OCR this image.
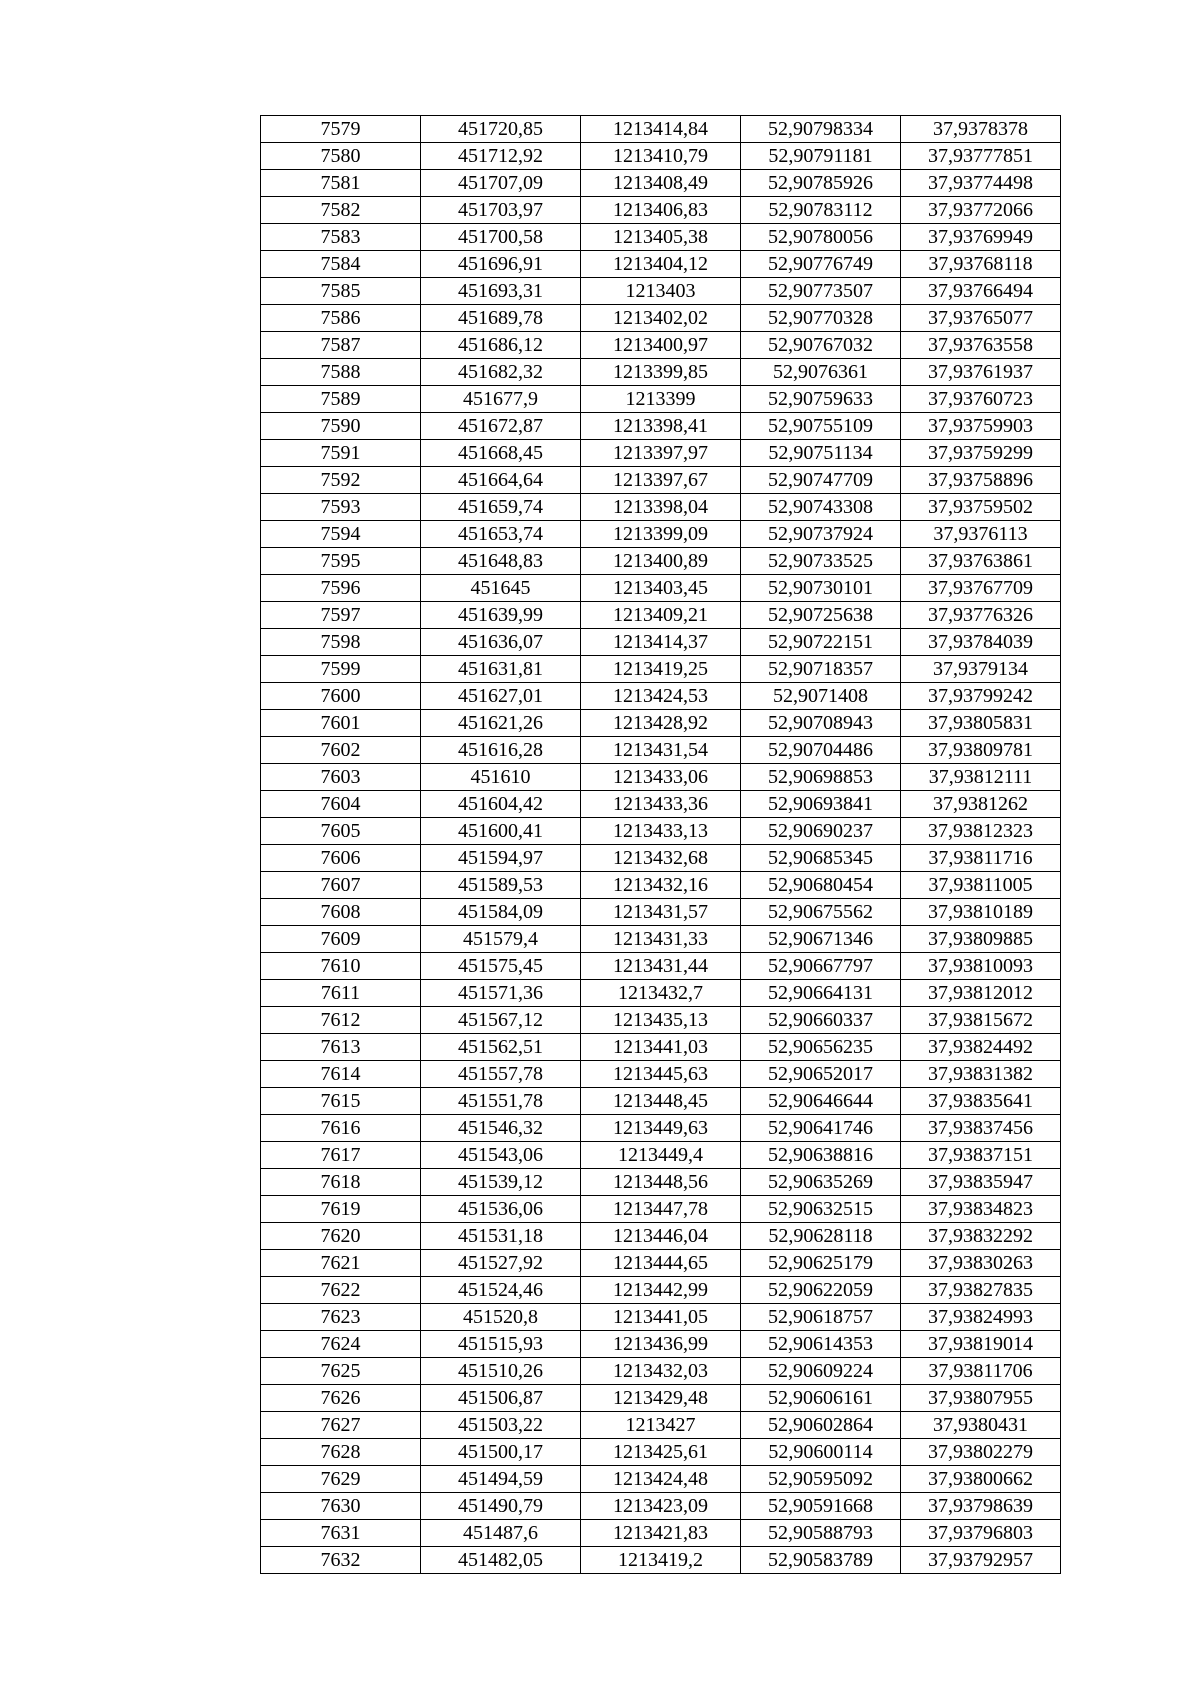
7579	451720,85	1213414,84	52,90798334	37,9378378
7580	451712,92	1213410,79	52,90791181	37,93777851
7581	451707,09	1213408,49	52,90785926	37,93774498
7582	451703,97	1213406,83	52,90783112	37,93772066
7583	451700,58	1213405,38	52,90780056	37,93769949
7584	451696,91	1213404,12	52,90776749	37,93768118
7585	451693,31	1213403	52,90773507	37,93766494
7586	451689,78	1213402,02	52,90770328	37,93765077
7587	451686,12	1213400,97	52,90767032	37,93763558
7588	451682,32	1213399,85	52,9076361	37,93761937
7589	451677,9	1213399	52,90759633	37,93760723
7590	451672,87	1213398,41	52,90755109	37,93759903
7591	451668,45	1213397,97	52,90751134	37,93759299
7592	451664,64	1213397,67	52,90747709	37,93758896
7593	451659,74	1213398,04	52,90743308	37,93759502
7594	451653,74	1213399,09	52,90737924	37,9376113
7595	451648,83	1213400,89	52,90733525	37,93763861
7596	451645	1213403,45	52,90730101	37,93767709
7597	451639,99	1213409,21	52,90725638	37,93776326
7598	451636,07	1213414,37	52,90722151	37,93784039
7599	451631,81	1213419,25	52,90718357	37,9379134
7600	451627,01	1213424,53	52,9071408	37,93799242
7601	451621,26	1213428,92	52,90708943	37,93805831
7602	451616,28	1213431,54	52,90704486	37,93809781
7603	451610	1213433,06	52,90698853	37,93812111
7604	451604,42	1213433,36	52,90693841	37,9381262
7605	451600,41	1213433,13	52,90690237	37,93812323
7606	451594,97	1213432,68	52,90685345	37,93811716
7607	451589,53	1213432,16	52,90680454	37,93811005
7608	451584,09	1213431,57	52,90675562	37,93810189
7609	451579,4	1213431,33	52,90671346	37,93809885
7610	451575,45	1213431,44	52,90667797	37,93810093
7611	451571,36	1213432,7	52,90664131	37,93812012
7612	451567,12	1213435,13	52,90660337	37,93815672
7613	451562,51	1213441,03	52,90656235	37,93824492
7614	451557,78	1213445,63	52,90652017	37,93831382
7615	451551,78	1213448,45	52,90646644	37,93835641
7616	451546,32	1213449,63	52,90641746	37,93837456
7617	451543,06	1213449,4	52,90638816	37,93837151
7618	451539,12	1213448,56	52,90635269	37,93835947
7619	451536,06	1213447,78	52,90632515	37,93834823
7620	451531,18	1213446,04	52,90628118	37,93832292
7621	451527,92	1213444,65	52,90625179	37,93830263
7622	451524,46	1213442,99	52,90622059	37,93827835
7623	451520,8	1213441,05	52,90618757	37,93824993
7624	451515,93	1213436,99	52,90614353	37,93819014
7625	451510,26	1213432,03	52,90609224	37,93811706
7626	451506,87	1213429,48	52,90606161	37,93807955
7627	451503,22	1213427	52,90602864	37,9380431
7628	451500,17	1213425,61	52,90600114	37,93802279
7629	451494,59	1213424,48	52,90595092	37,93800662
7630	451490,79	1213423,09	52,90591668	37,93798639
7631	451487,6	1213421,83	52,90588793	37,93796803
7632	451482,05	1213419,2	52,90583789	37,93792957
